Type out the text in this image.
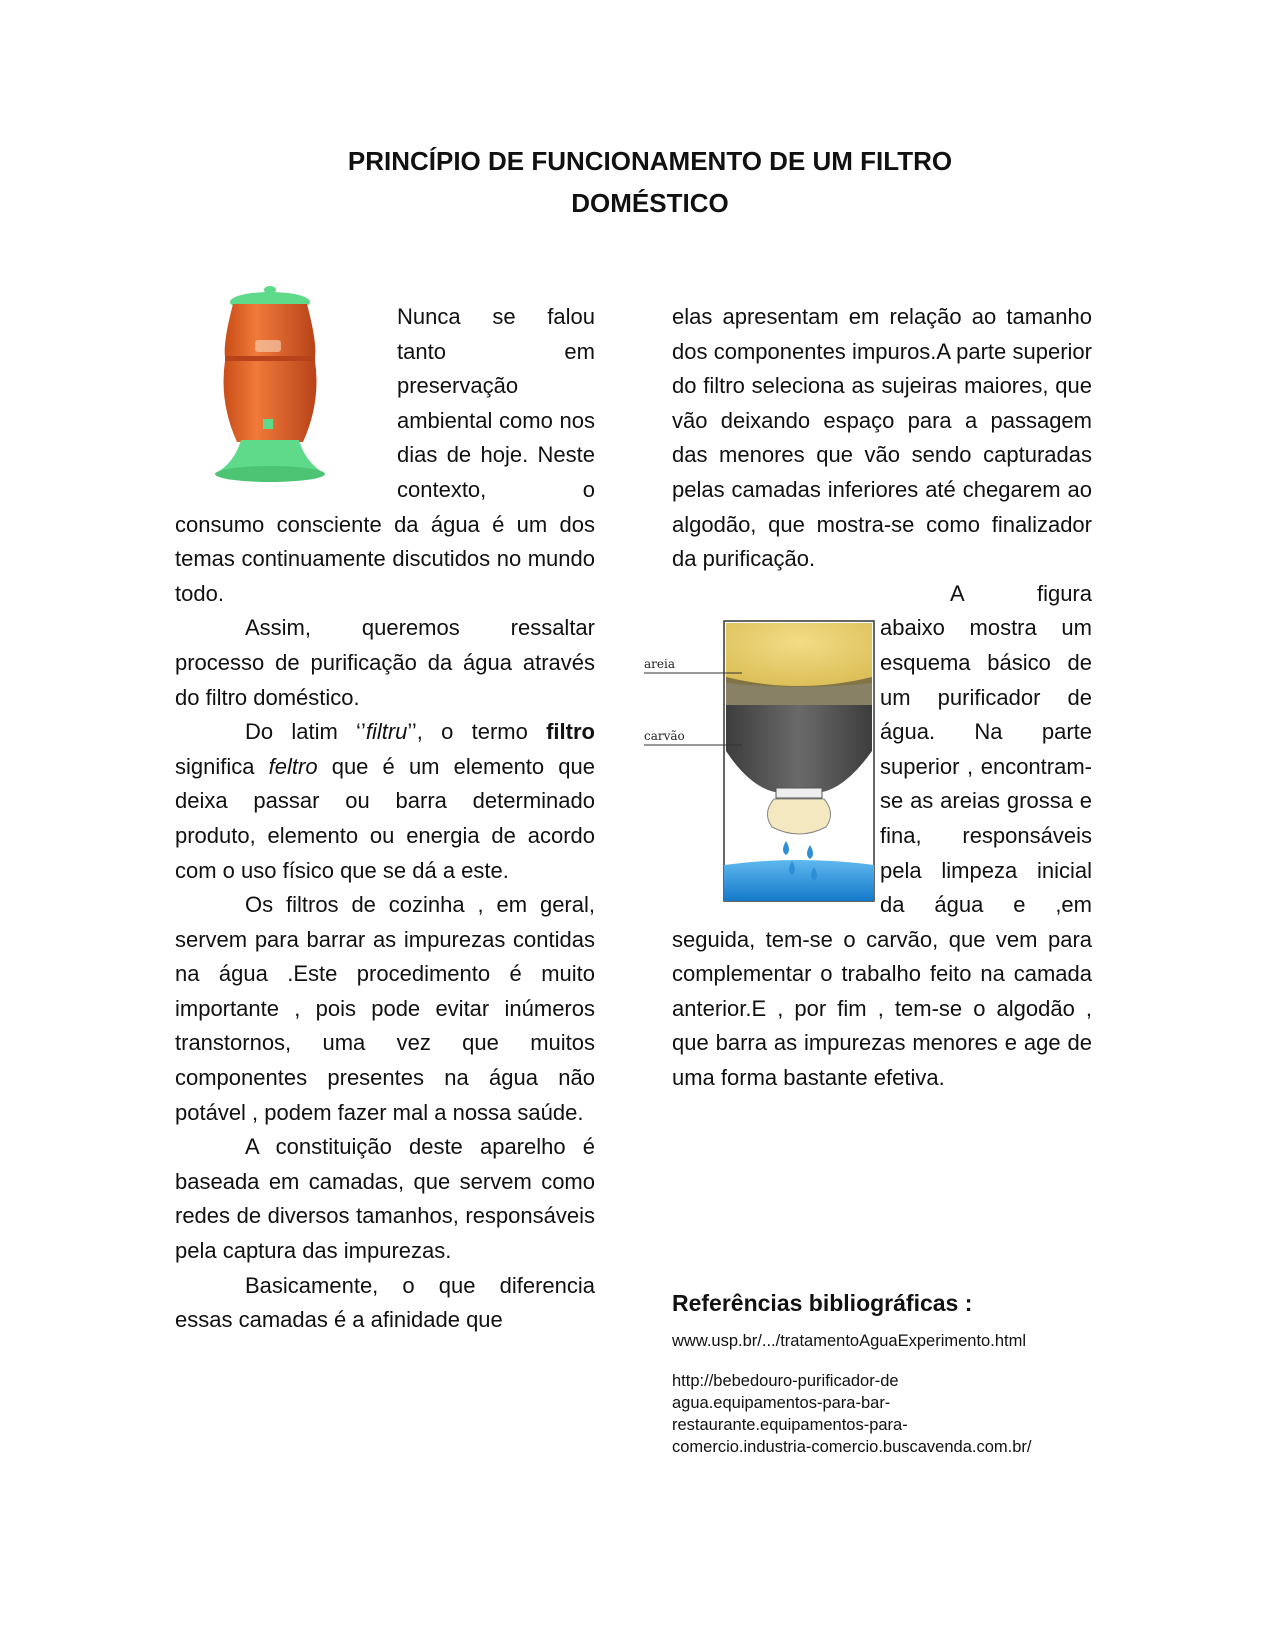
PRINCÍPIO DE FUNCIONAMENTO DE UM FILTRO
DOMÉSTICO

Nunca se falou tanto em preservação ambiental como nos dias de hoje. Neste contexto, o consumo consciente da água é um dos temas continuamente discutidos no mundo todo.

Assim, queremos ressaltar processo de purificação da água através do filtro doméstico.

Do latim ‘’filtru’’, o termo filtro significa feltro que é um elemento que deixa passar ou barra determinado produto, elemento ou energia de acordo com o uso físico que se dá a este.

Os filtros de cozinha , em geral, servem para barrar as impurezas contidas na água .Este procedimento é muito importante , pois pode evitar inúmeros transtornos, uma vez que muitos componentes presentes na água não potável , podem fazer mal a nossa saúde.

A constituição deste aparelho é baseada em camadas, que servem como redes de diversos tamanhos, responsáveis pela captura das impurezas.

Basicamente, o que diferencia essas camadas é a afinidade que

elas apresentam em relação ao tamanho dos componentes impuros.A parte superior do filtro seleciona as sujeiras maiores, que vão deixando espaço para a passagem das menores que vão sendo capturadas pelas camadas inferiores até chegarem ao algodão, que mostra-se como finalizador da purificação.

areia
carvão

A figura abaixo mostra um esquema básico de um purificador de água. Na parte superior , encontram-se as areias grossa e fina, responsáveis pela limpeza inicial da água e ,em seguida, tem-se o carvão, que vem para complementar o trabalho feito na camada anterior.E , por fim , tem-se o algodão , que barra as impurezas menores e age de uma forma bastante efetiva.

Referências bibliográficas :
www.usp.br/.../tratamentoAguaExperimento.html
http://bebedouro-purificador-de
agua.equipamentos-para-bar-
restaurante.equipamentos-para-
comercio.industria-comercio.buscavenda.com.br/
